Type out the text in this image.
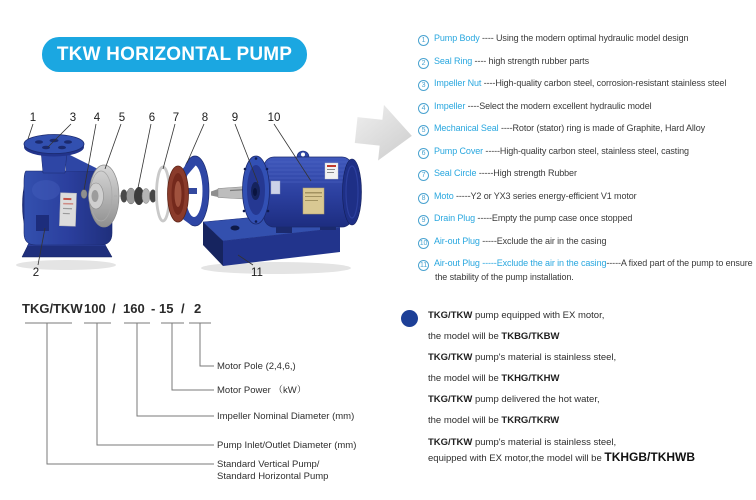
TKW HORIZONTAL PUMP
1	3 4 5 6 7 8 9	10
2	11
1 Pump Body ---- Using the modern optimal hydraulic model design
2 Seal Ring ---- high strength rubber parts
3 Impeller Nut ----High-quality carbon steel, corrosion-resistant stainless steel
4 Impeller ----Select the modern excellent hydraulic model
5 Mechanical Seal ----Rotor (stator) ring is made of Graphite, Hard Alloy
6 Pump Cover -----High-quality carbon steel, stainless steel, casting
7 Seal Circle -----High strength Rubber
8 Moto -----Y2 or YX3 series energy-efficient V1 motor
9 Drain Plug -----Empty the pump case once stopped
10 Air-out Plug -----Exclude the air in the casing
11 Air-out Plug -----Exclude the air in the casing-----A fixed part of the pump to ensure the stability of the pump installation.
TKG/TKW 100 / 160 - 15 / 2
Motor Pole (2,4,6,)
Motor Power （kW）
Impeller Nominal Diameter (mm)
Pump Inlet/Outlet Diameter (mm)
Standard Vertical Pump/
Standard Horizontal Pump
TKG/TKW pump equipped with EX motor,
the model will be TKBG/TKBW
TKG/TKW pump's material is stainless steel,
the model will be TKHG/TKHW
TKG/TKW pump delivered the hot water,
the model will be TKRG/TKRW
TKG/TKW pump's material is stainless steel,
equipped with EX motor,the model will be TKHGB/TKHWB
